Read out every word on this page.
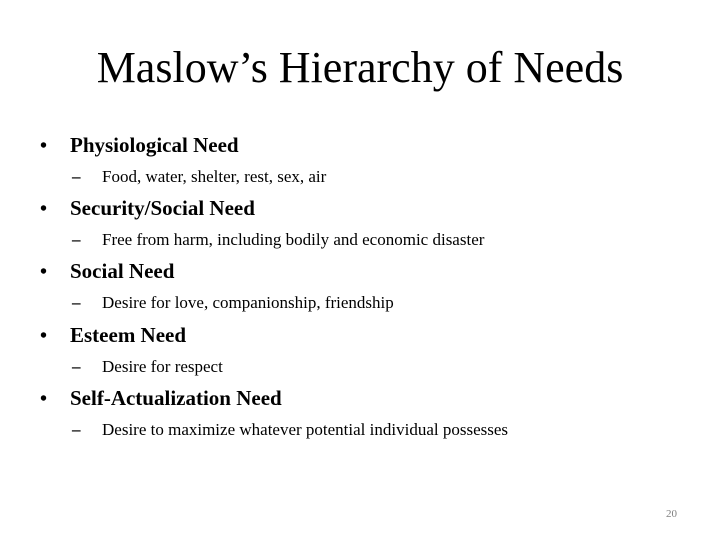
Maslow’s Hierarchy of Needs
•	Physiological Need
–	Food, water, shelter, rest, sex, air
•	Security/Social Need
–	Free from harm, including bodily and economic disaster
•	Social Need
–	Desire for love, companionship, friendship
•	Esteem Need
–	Desire for respect
•	Self-Actualization Need
–	Desire to maximize whatever potential individual possesses
20
